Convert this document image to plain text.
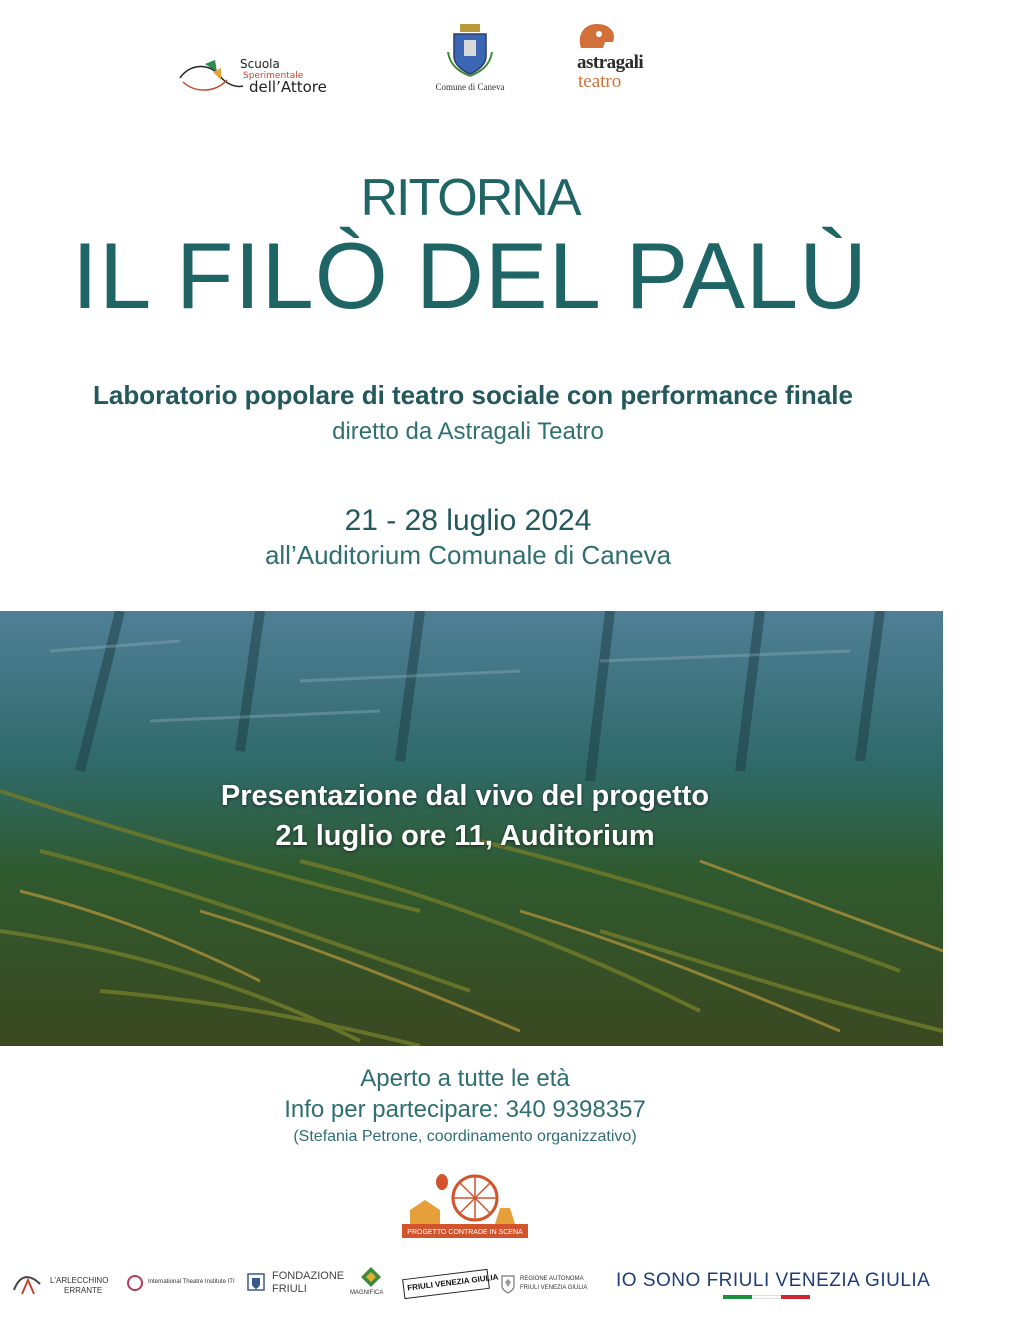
Scuola
Sperimentale
dell’Attore	Comune di Caneva
astragali
teatro
RITORNA
IL FILÒ DEL PALÙ
Laboratorio popolare di teatro sociale con performance finale
diretto da Astragali Teatro
21 - 28 luglio 2024
all’Auditorium Comunale di Caneva
Presentazione dal vivo del progetto
21 luglio ore 11, Auditorium
Aperto a tutte le età
Info per partecipare: 340 9398357
(Stefania Petrone, coordinamento organizzativo)
PROGETTO CONTRADE IN SCENA
L'ARLECCHINO
ERRANTE
International Theatre Institute ITI	FONDAZIONE
FRIULI	MAGNIFICA
FRIULI VENEZIA GIULIA	REGIONE AUTONOMA
FRIULI VENEZIA GIULIA IO SONO FRIULI VENEZIA GIULIA
